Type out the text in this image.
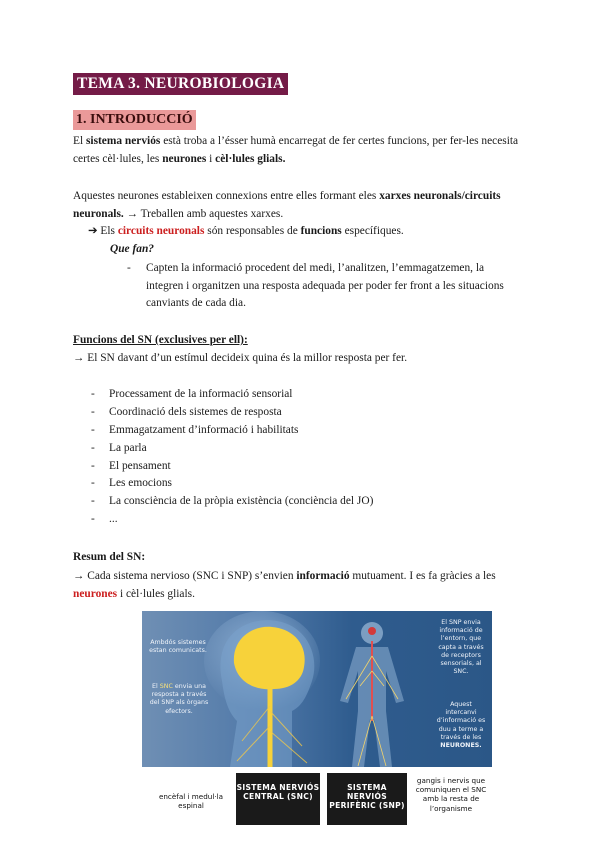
TEMA 3. NEUROBIOLOGIA
1. INTRODUCCIÓ
El sistema nerviós està troba a l’ésser humà encarregat de fer certes funcions, per fer-les necesita certes cèl·lules, les neurones i cèl·lules glials.
Aquestes neurones estableixen connexions entre elles formant eles xarxes neuronals/circuits neuronals. → Treballen amb aquestes xarxes.
➔ Els circuits neuronals són responsables de funcions específiques.
Que fan?
- Capten la informació procedent del medi, l’analitzen, l’emmagatzemen, la integren i organitzen una resposta adequada per poder fer front a les situacions canviants de cada dia.
Funcions del SN (exclusives per ell):
→ El SN davant d’un estímul decideix quina és la millor resposta per fer.
- Processament de la informació sensorial
- Coordinació dels sistemes de resposta
- Emmagatzament d’informació i habilitats
- La parla
- El pensament
- Les emocions
- La consciència de la pròpia existència (conciència del JO)
- ...
Resum del SN:
→ Cada sistema nervioso (SNC i SNP) s’envien informació mutuament. I es fa gràcies a les
neurones i cèl·lules glials.
Ambdós sistemes estan comunicats.
El SNC envia una resposta a través del SNP als òrgans efectors.
El SNP envia informació de l’entorn, que capta a través de receptors sensorials, al SNC.
Aquest intercanvi d’informació es duu a terme a través de les NEURONES.
encèfal i medul·la espinal
SISTEMA NERVIÓS CENTRAL (SNC)
SISTEMA NERVIÓS PERIFÈRIC (SNP)
gangis i nervis que comuniquen el SNC amb la resta de l’organisme
